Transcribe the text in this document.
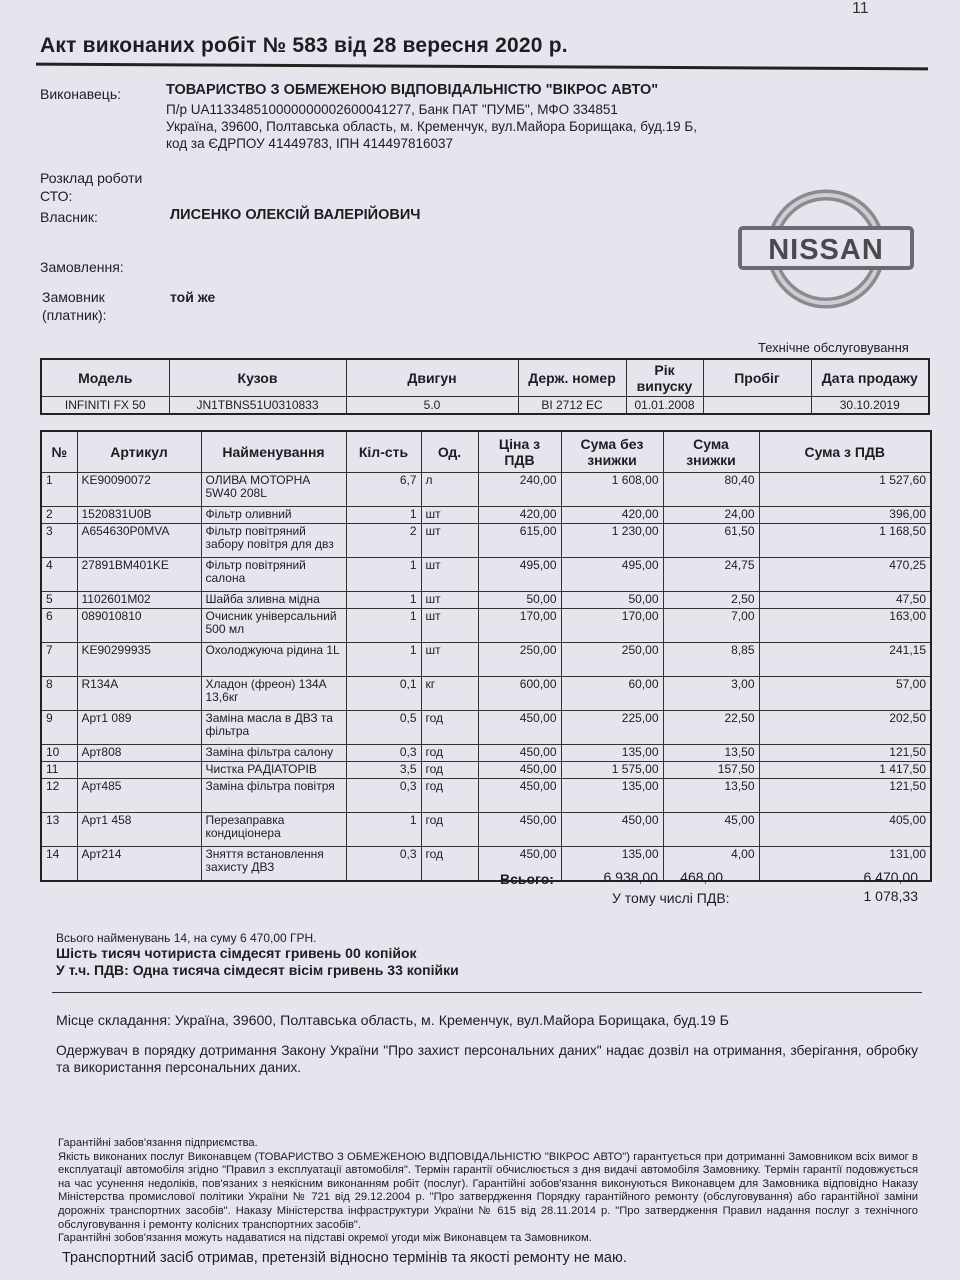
11
Акт виконаних робіт № 583 від 28 вересня 2020 р.
Виконавець:	ТОВАРИСТВО З ОБМЕЖЕНОЮ ВІДПОВІДАЛЬНІСТЮ "ВІКРОС АВТО"
П/р UA113348510000000002600041277, Банк ПАТ "ПУМБ", МФО 334851
Україна, 39600, Полтавська область, м. Кременчук, вул.Майора Борищака, буд.19 Б,
код за ЄДРПОУ 41449783, ІПН 414497816037
Розклад роботи
СТО:
Власник:	ЛИСЕНКО ОЛЕКСІЙ ВАЛЕРІЙОВИЧ
Замовлення:
Замовник
(платник):
той же
NISSAN
Технічне обслуговування
Модель	Кузов	Двигун	Держ. номер	Рік випуску	Пробіг	Дата продажу
INFINITI FX 50	JN1TBNS51U0310833	5.0	ВІ 2712 ЕС	01.01.2008		30.10.2019
№	Артикул	Найменування	Кіл-сть	Од.	Ціна з ПДВ	Сума без знижки	Сума знижки	Сума з ПДВ
1	KE90090072	ОЛИВА МОТОРНА 5W40 208L	6,7	л	240,00	1 608,00	80,40	1 527,60
2	1520831U0B	Фільтр оливний	1	шт	420,00	420,00	24,00	396,00
3	A654630P0MVA	Фільтр повітряний забору повітря для двз	2	шт	615,00	1 230,00	61,50	1 168,50
4	27891BM401KE	Фільтр повітряний салона	1	шт	495,00	495,00	24,75	470,25
5	1102601M02	Шайба зливна мідна	1	шт	50,00	50,00	2,50	47,50
6	089010810	Очисник універсальний 500 мл	1	шт	170,00	170,00	7,00	163,00
7	KE90299935	Охолоджуюча рідина 1L	1	шт	250,00	250,00	8,85	241,15
8	R134A	Хладон (фреон) 134А 13,6кг	0,1	кг	600,00	60,00	3,00	57,00
9	Арт1 089	Заміна масла в ДВЗ та фільтра	0,5	год	450,00	225,00	22,50	202,50
10	Арт808	Заміна фільтра салону	0,3	год	450,00	135,00	13,50	121,50
11		Чистка РАДІАТОРІВ	3,5	год	450,00	1 575,00	157,50	1 417,50
12	Арт485	Заміна фільтра повітря	0,3	год	450,00	135,00	13,50	121,50
13	Арт1 458	Перезаправка кондиціонера	1	год	450,00	450,00	45,00	405,00
14	Арт214	Зняття встановлення захисту ДВЗ	0,3	год	450,00	135,00	4,00	131,00
Всього:	6 938,00 468,00	6 470,00
У тому числі ПДВ:	1 078,33
Всього найменувань 14, на суму 6 470,00 ГРН.
Шість тисяч чотириста сімдесят гривень 00 копійок
У т.ч. ПДВ: Одна тисяча сімдесят вісім гривень 33 копійки
Місце складання: Україна, 39600, Полтавська область, м. Кременчук, вул.Майора Борищака, буд.19 Б
Одержувач в порядку дотримання Закону України "Про захист персональних даних" надає дозвіл на отримання, зберігання, обробку та використання персональних даних.

Гарантійні забов'язання підприємства.

Якість виконаних послуг Виконавцем (ТОВАРИСТВО З ОБМЕЖЕНОЮ ВІДПОВІДАЛЬНІСТЮ "ВІКРОС АВТО") гарантується при дотриманні Замовником всіх вимог в експлуатації автомобіля згідно "Правил з експлуатації автомобіля". Термін гарантії обчислюється з дня видачі автомобіля Замовнику. Термін гарантії подовжується на час усунення недоліків, пов'язаних з неякісним виконанням робіт (послуг). Гарантійні зобов'язання виконуються Виконавцем для Замовника відповідно Наказу Міністерства промислової політики України № 721 від 29.12.2004 р. "Про затвердження Порядку гарантійного ремонту (обслуговування) або гарантійної заміни дорожніх транспортних засобів". Наказу Міністерства інфраструктури України № 615 від 28.11.2014 р. "Про затвердження Правил надання послуг з технічного обслуговування і ремонту колісних транспортних засобів".

Гарантійні зобов'язання можуть надаватися на підставі окремої угоди між Виконавцем та Замовником.

Транспортний засіб отримав, претензій відносно термінів та якості ремонту не маю.
